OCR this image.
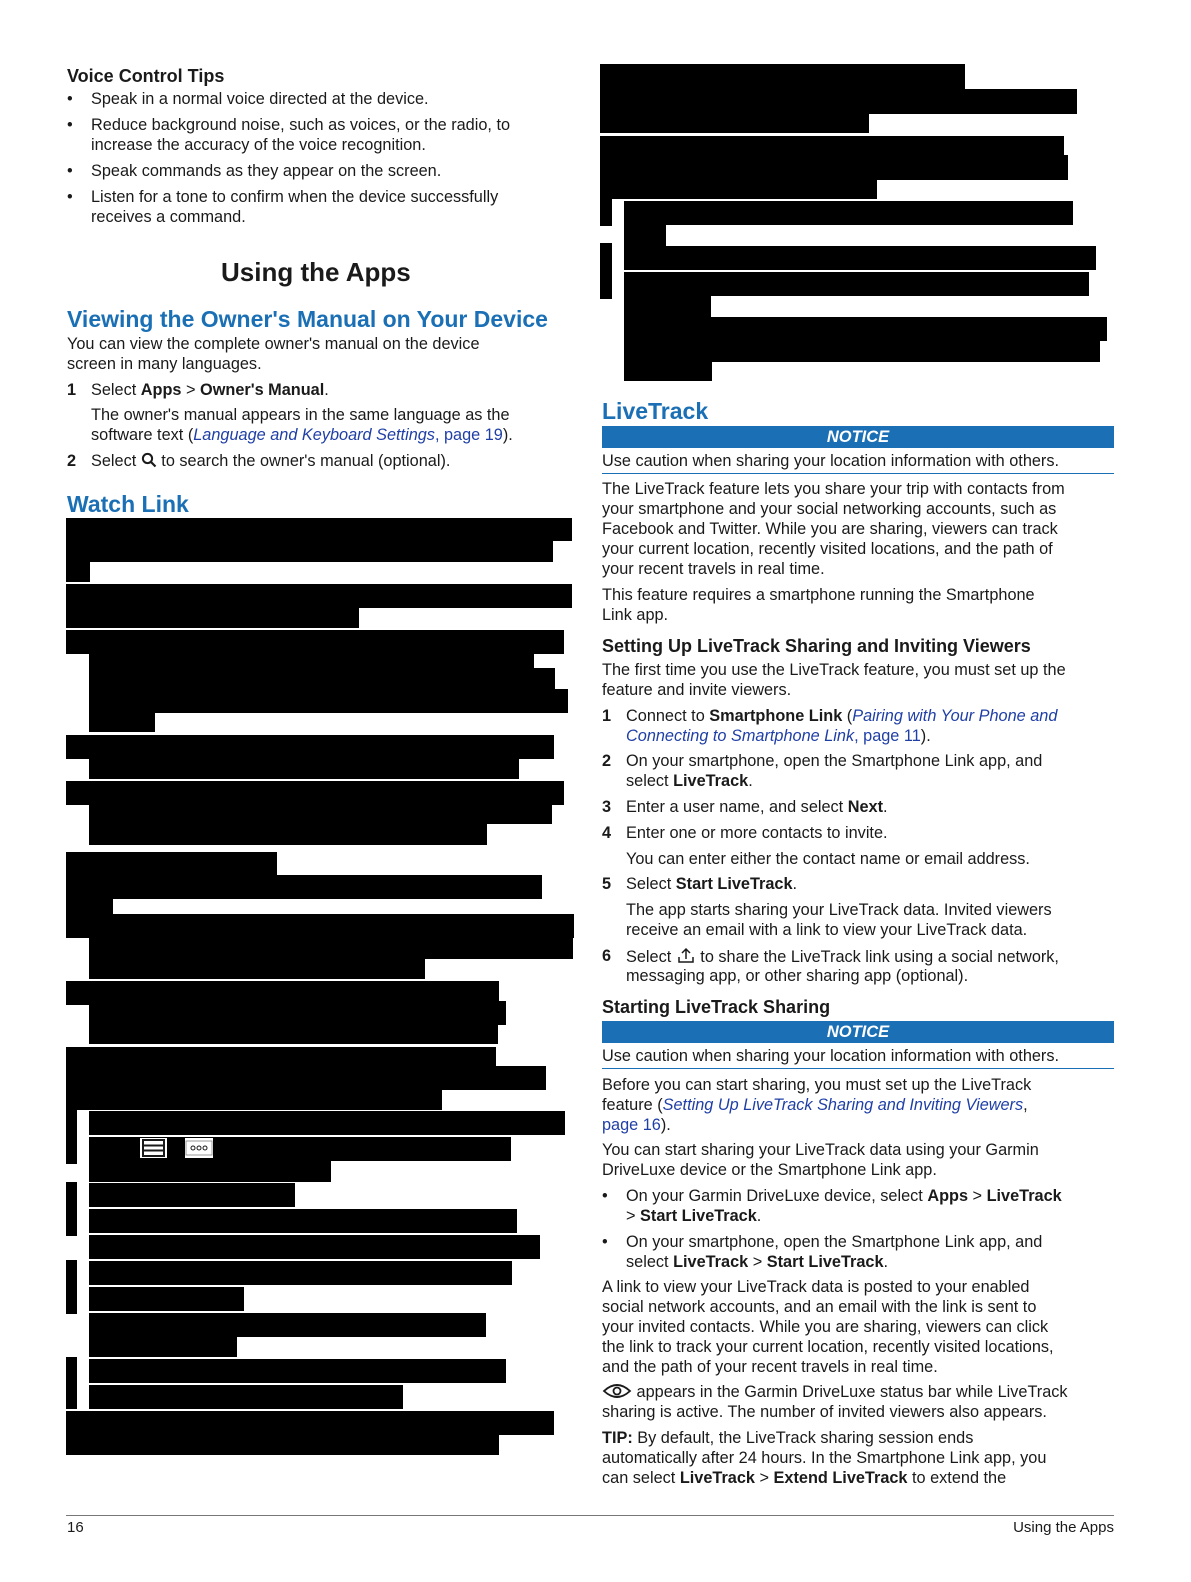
Voice Control Tips
• Speak in a normal voice directed at the device.
• Reduce background noise, such as voices, or the radio, to
increase the accuracy of the voice recognition.
• Speak commands as they appear on the screen.
• Listen for a tone to confirm when the device successfully
receives a command.
Using the Apps
Viewing the Owner's Manual on Your Device
You can view the complete owner's manual on the device
screen in many languages.
1 Select Apps > Owner's Manual.
The owner's manual appears in the same language as the
software text (Language and Keyboard Settings, page 19).
2 Select  to search the owner's manual (optional).
Watch Link
LiveTrack
NOTICE
Use caution when sharing your location information with others.
The LiveTrack feature lets you share your trip with contacts from
your smartphone and your social networking accounts, such as
Facebook and Twitter. While you are sharing, viewers can track
your current location, recently visited locations, and the path of
your recent travels in real time.
This feature requires a smartphone running the Smartphone
Link app.
Setting Up LiveTrack Sharing and Inviting Viewers
The first time you use the LiveTrack feature, you must set up the
feature and invite viewers.
1 Connect to Smartphone Link (Pairing with Your Phone and
Connecting to Smartphone Link, page 11).
2 On your smartphone, open the Smartphone Link app, and
select LiveTrack.
3 Enter a user name, and select Next.
4 Enter one or more contacts to invite.
You can enter either the contact name or email address.
5 Select Start LiveTrack.
The app starts sharing your LiveTrack data. Invited viewers
receive an email with a link to view your LiveTrack data.
6 Select  to share the LiveTrack link using a social network,
messaging app, or other sharing app (optional).
Starting LiveTrack Sharing
NOTICE
Use caution when sharing your location information with others.
Before you can start sharing, you must set up the LiveTrack
feature (Setting Up LiveTrack Sharing and Inviting Viewers,
page 16).
You can start sharing your LiveTrack data using your Garmin
DriveLuxe device or the Smartphone Link app.
• On your Garmin DriveLuxe device, select Apps > LiveTrack
> Start LiveTrack.
• On your smartphone, open the Smartphone Link app, and
select LiveTrack > Start LiveTrack.
A link to view your LiveTrack data is posted to your enabled
social network accounts, and an email with the link is sent to
your invited contacts. While you are sharing, viewers can click
the link to track your current location, recently visited locations,
and the path of your recent travels in real time.
appears in the Garmin DriveLuxe status bar while LiveTrack
sharing is active. The number of invited viewers also appears.
TIP: By default, the LiveTrack sharing session ends
automatically after 24 hours. In the Smartphone Link app, you
can select LiveTrack > Extend LiveTrack to extend the
16	Using the Apps
